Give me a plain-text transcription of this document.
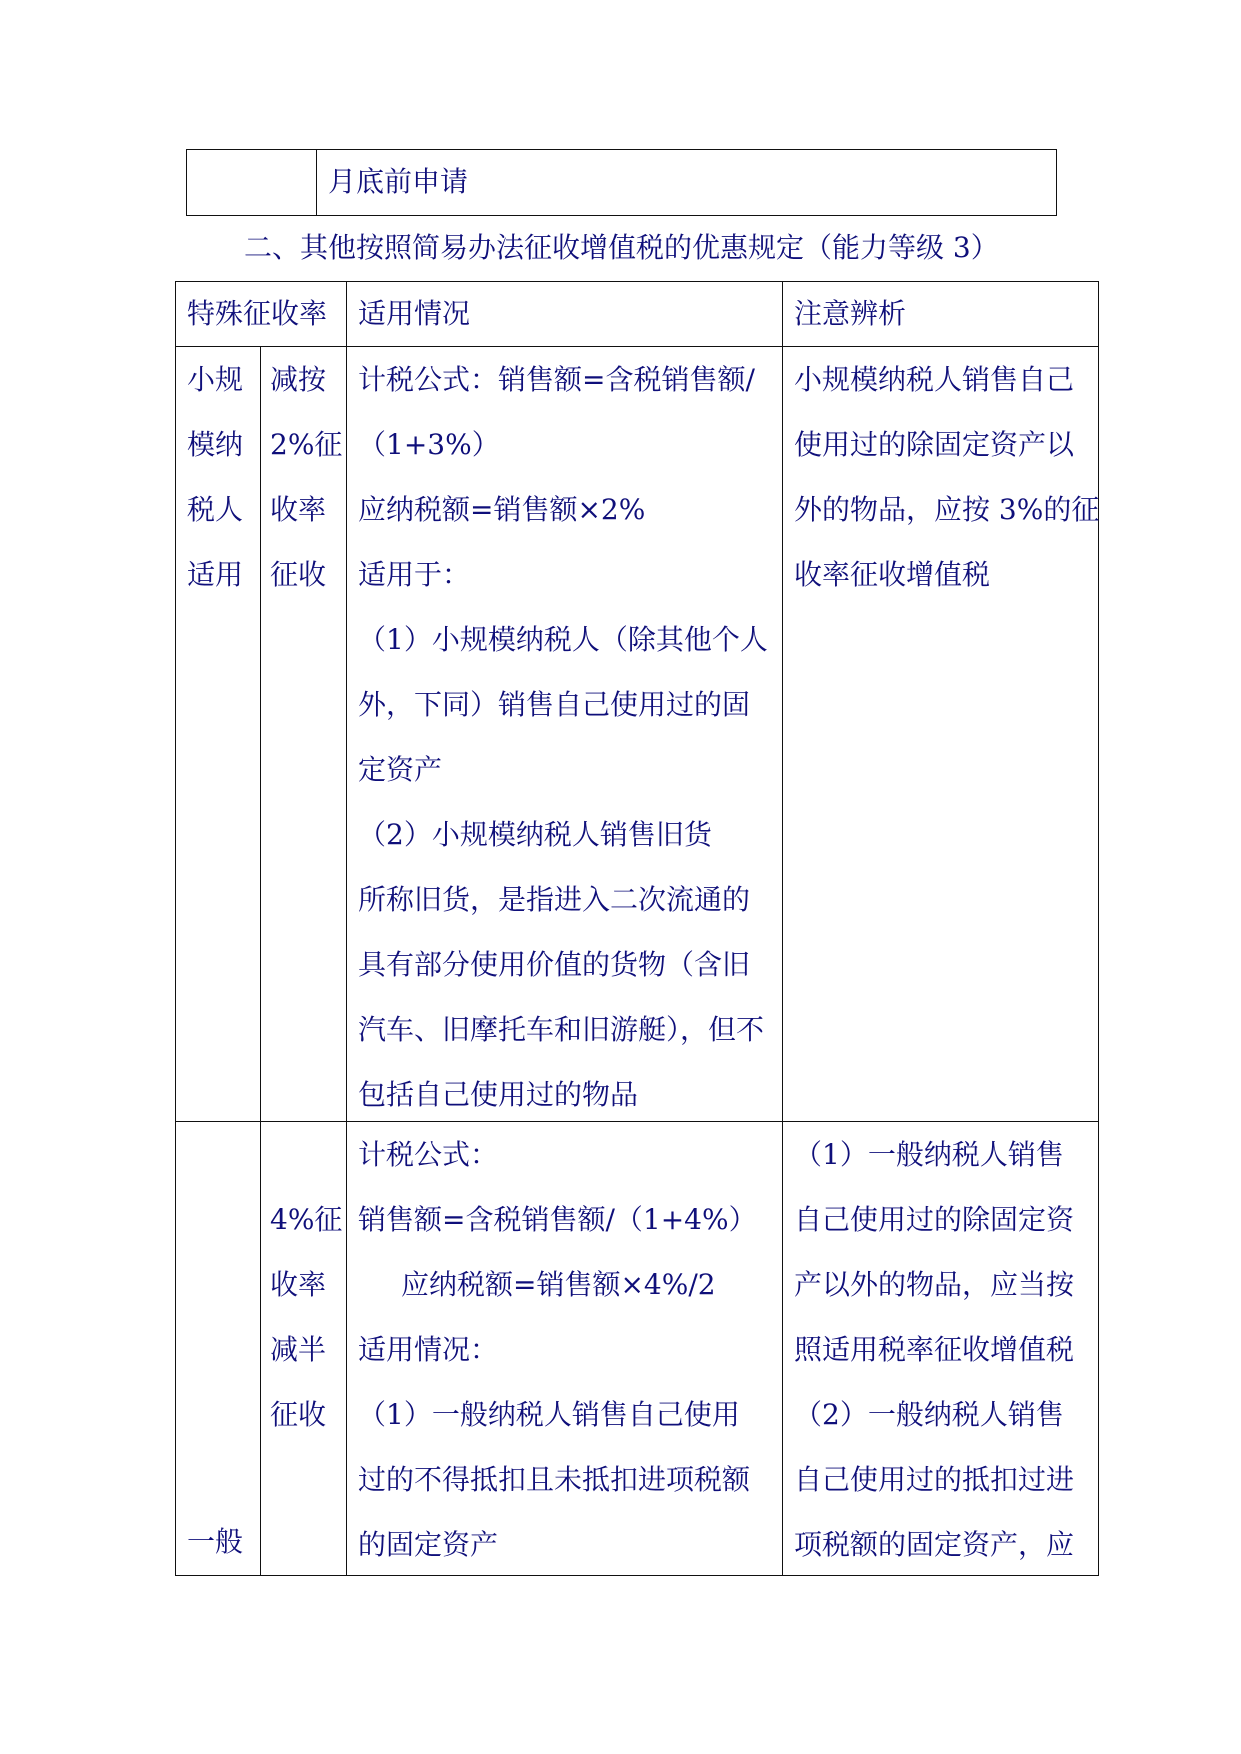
月底前申请
二、其他按照简易办法征收增值税的优惠规定（能力等级 3）
特殊征收率 适用情况	注意辨析
小规
模纳
税人
适用
减按
2%征
收率
征收
计税公式：销售额=含税销售额/
（1+3%）
应纳税额=销售额×2%
适用于：
（1）小规模纳税人（除其他个人
外，下同）销售自己使用过的固
定资产
（2）小规模纳税人销售旧货
所称旧货，是指进入二次流通的
具有部分使用价值的货物（含旧
汽车、旧摩托车和旧游艇），但不
包括自己使用过的物品
小规模纳税人销售自己
使用过的除固定资产以
外的物品，应按 3%的征
收率征收增值税
一般
4%征
收率
减半
征收
计税公式：
销售额=含税销售额/（1+4%）
应纳税额=销售额×4%/2
适用情况：
（1）一般纳税人销售自己使用
过的不得抵扣且未抵扣进项税额
的固定资产
（1）一般纳税人销售
自己使用过的除固定资
产以外的物品，应当按
照适用税率征收增值税
（2）一般纳税人销售
自己使用过的抵扣过进
项税额的固定资产，应
